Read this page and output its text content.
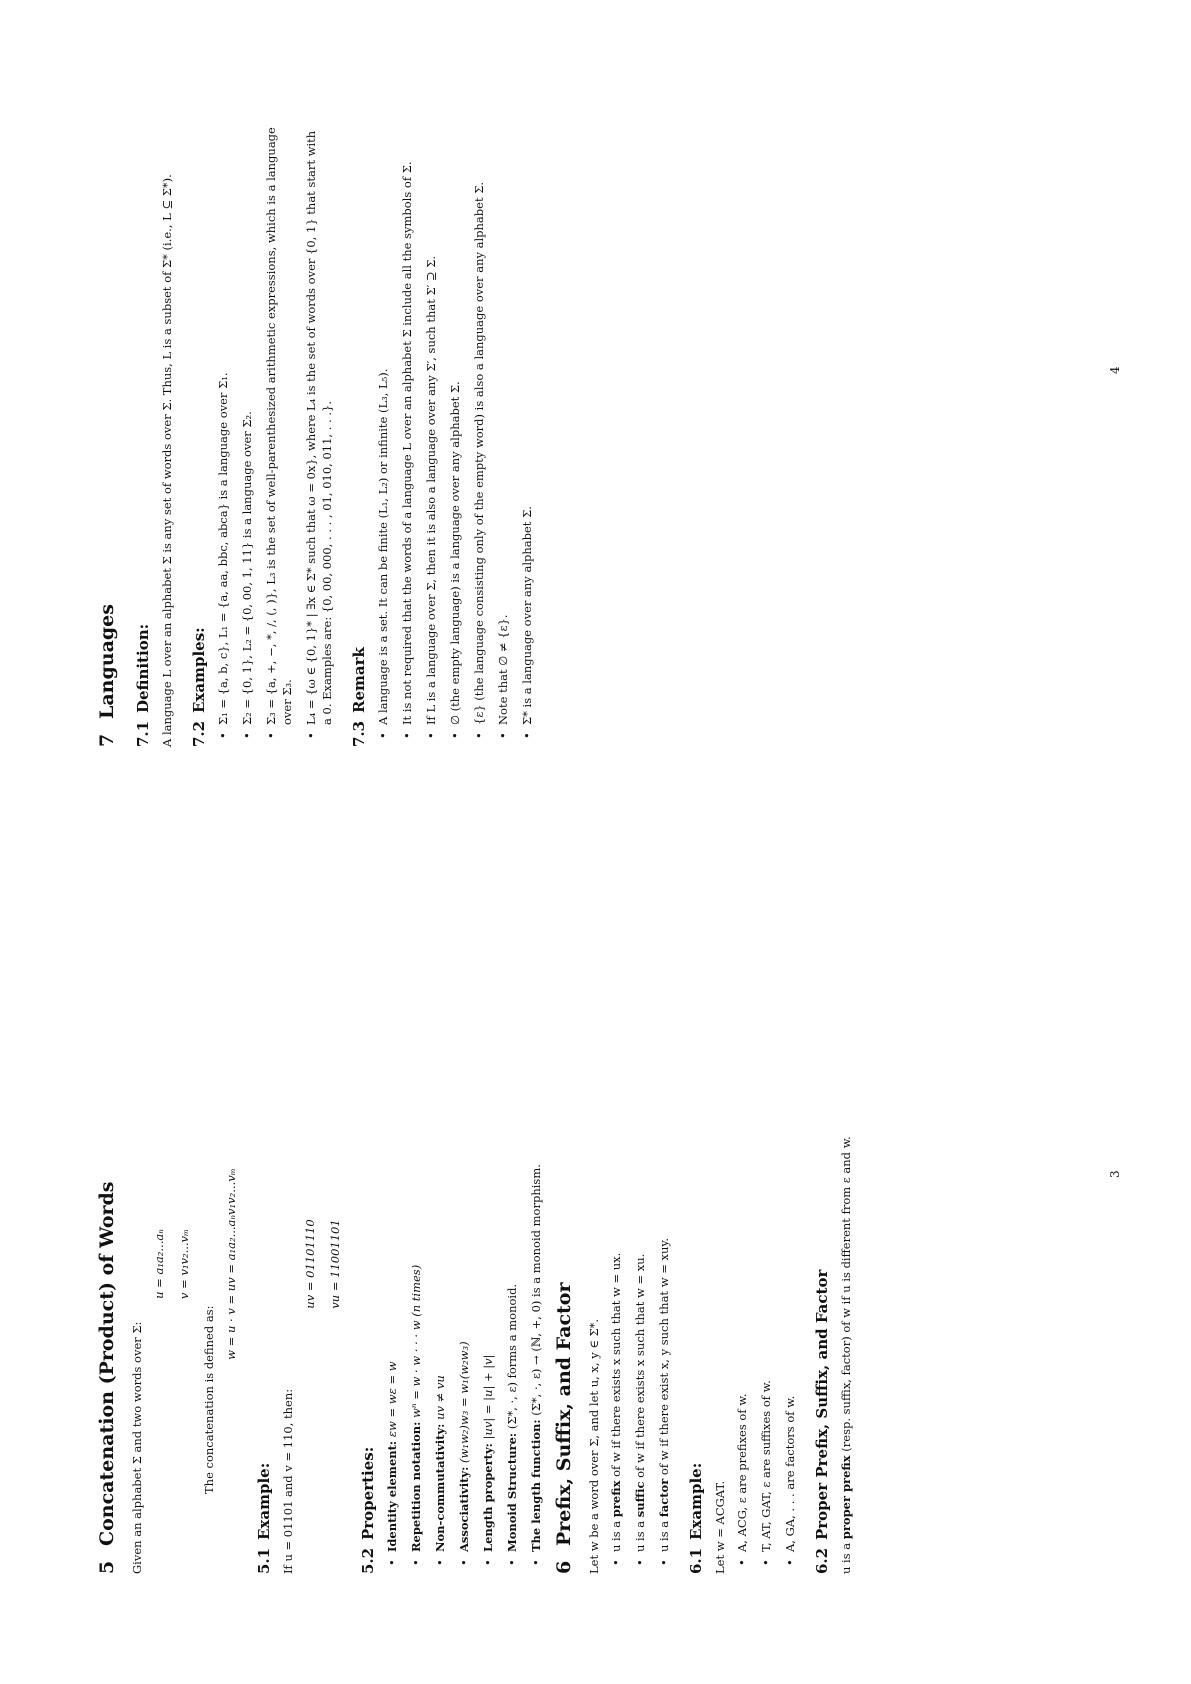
5Concatenation (Product) of Words Given an alphabet Σ and two words over Σ:

u = a₁a₂...aₙ v = v₁v₂...vₘ

The concatenation is defined as:

w = u · v = uv = a₁a₂...aₙv₁v₂...vₘ
5.1Example: If u = 01101 and v = 110, then:

uv = 01101110 vu = 11001101
5.2Properties: • Identity element: εw = wε = w
• Repetition notation: wⁿ = w · w · · · w (n times)
• Non-commutativity: uv ≠ vu
• Associativity: (w₁w₂)w₃ = w₁(w₂w₃)
• Length property: |uv| = |u| + |v|
• Monoid Structure: (Σ*, ·, ε) forms a monoid.
• The length function: (Σ*, ·, ε) → (ℕ, +, 0) is a monoid morphism.
6Prefix, Suffix, and Factor Let w be a word over Σ, and let u, x, y ∈ Σ*. • u is a prefix of w if there exists x such that w = ux.
• u is a suffic of w if there exists x such that w = xu.
• u is a factor of w if there exist x, y such that w = xuy.
6.1Example: Let w = ACGAT. • A, ACG, ε are prefixes of w. • T, AT, GAT, ε are suffixes of w. • A, GA, . . . are factors of w.
6.2Proper Prefix, Suffix, and Factor

u is a proper prefix (resp. suffix, factor) of w if u is different from ε and w.	3
7Languages
7.1Definition: A language L over an alphabet Σ is any set of words over Σ. Thus, L is a subset of Σ* (i.e., L ⊆ Σ*). 7.2Examples: • Σ₁ = {a, b, c}, L₁ = {a, aa, bbc, abca} is a language over Σ₁. • Σ₂ = {0, 1}, L₂ = {0, 00, 1, 11} is a language over Σ₂. • Σ₃ = {a, +, −, *, /, (, )}, L₃ is the set of well-parenthesized arithmetic expressions, which is a language over Σ₃. • L₄ = {ω ∈ {0, 1}* | ∃x ∈ Σ* such that ω = 0x}, where L₄ is the set of words over {0, 1} that start with a 0. Examples are: {0, 00, 000, . . . , 01, 010, 011, . . .}.
7.3Remark • A language is a set. It can be finite (L₁, L₂) or infinite (L₃, L₅). • It is not required that the words of a language L over an alphabet Σ include all the symbols of Σ. • If L is a language over Σ, then it is also a language over any Σ′, such that Σ′ ⊇ Σ. • ∅ (the empty language) is a language over any alphabet Σ. • {ε} (the language consisting only of the empty word) is also a language over any alphabet Σ. • Note that ∅ ≠ {ε}. • Σ* is a language over any alphabet Σ.
4
